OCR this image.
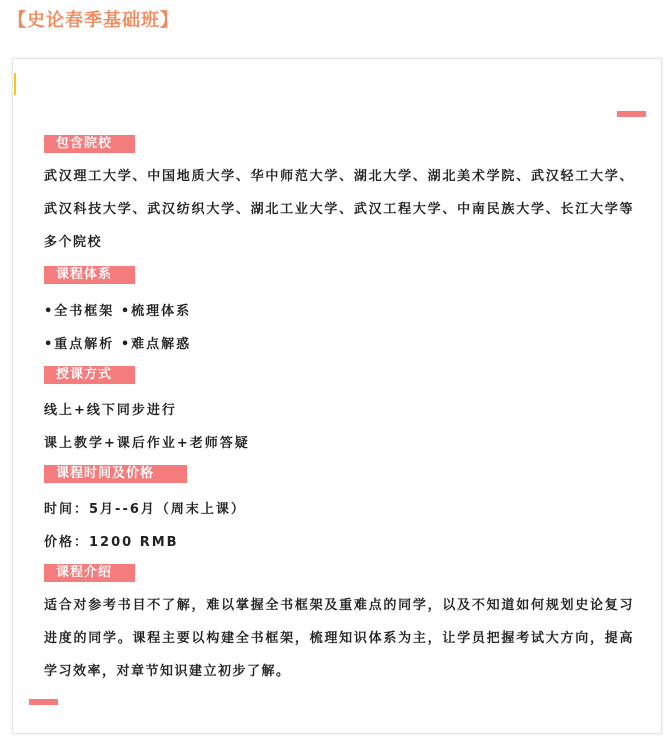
【史论春季基础班】
包含院校
武汉理工大学、中国地质大学、华中师范大学、湖北大学、湖北美术学院、武汉轻工大学、武汉科技大学、武汉纺织大学、湖北工业大学、武汉工程大学、中南民族大学、长江大学等多个院校
课程体系
•全书框架 •梳理体系
•重点解析 •难点解惑
授课方式
线上+线下同步进行
课上教学+课后作业+老师答疑
课程时间及价格
时间：5月--6月（周末上课）
价格：1200 RMB
课程介绍
适合对参考书目不了解，难以掌握全书框架及重难点的同学，以及不知道如何规划史论复习进度的同学。课程主要以构建全书框架，梳理知识体系为主，让学员把握考试大方向，提高学习效率，对章节知识建立初步了解。
